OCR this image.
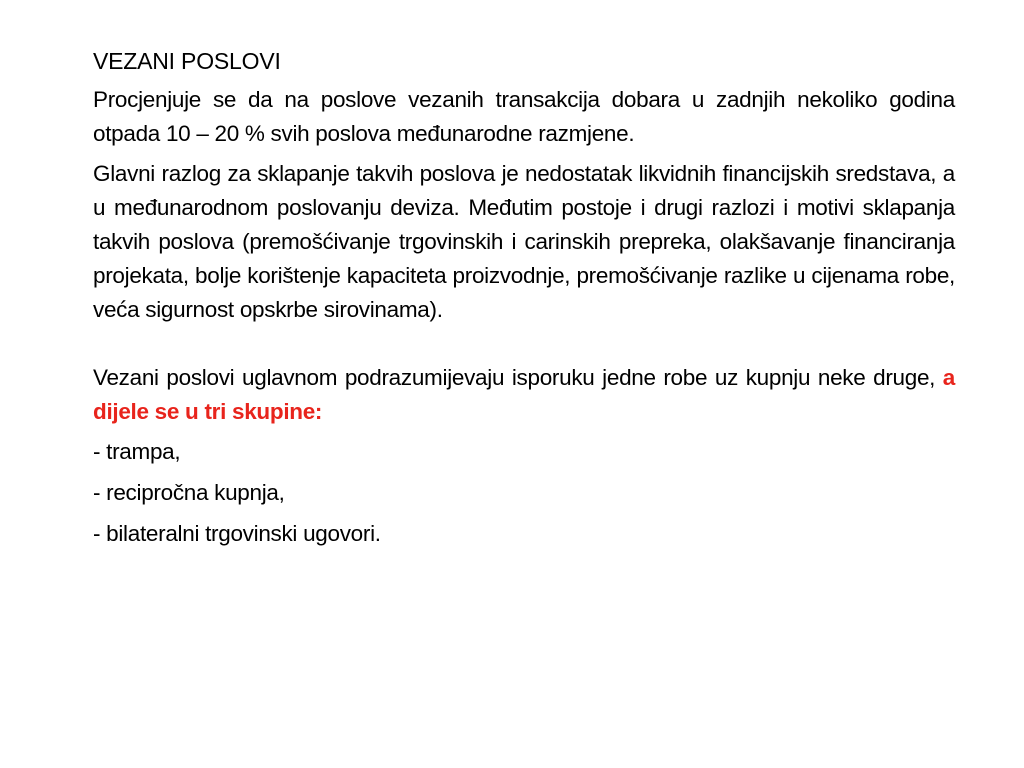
VEZANI POSLOVI
Procjenjuje se da na poslove vezanih transakcija dobara u zadnjih nekoliko godina otpada 10 – 20 % svih poslova međunarodne razmjene.
Glavni razlog za sklapanje takvih poslova je nedostatak likvidnih financijskih sredstava, a u međunarodnom poslovanju deviza. Međutim postoje i drugi razlozi i motivi sklapanja takvih poslova (premošćivanje trgovinskih i carinskih prepreka, olakšavanje financiranja projekata, bolje korištenje kapaciteta proizvodnje, premošćivanje razlike u cijenama robe, veća sigurnost opskrbe sirovinama).
Vezani poslovi uglavnom podrazumijevaju isporuku jedne robe uz kupnju neke druge, a dijele se u tri skupine:
- trampa,
- recipročna kupnja,
- bilateralni trgovinski ugovori.
